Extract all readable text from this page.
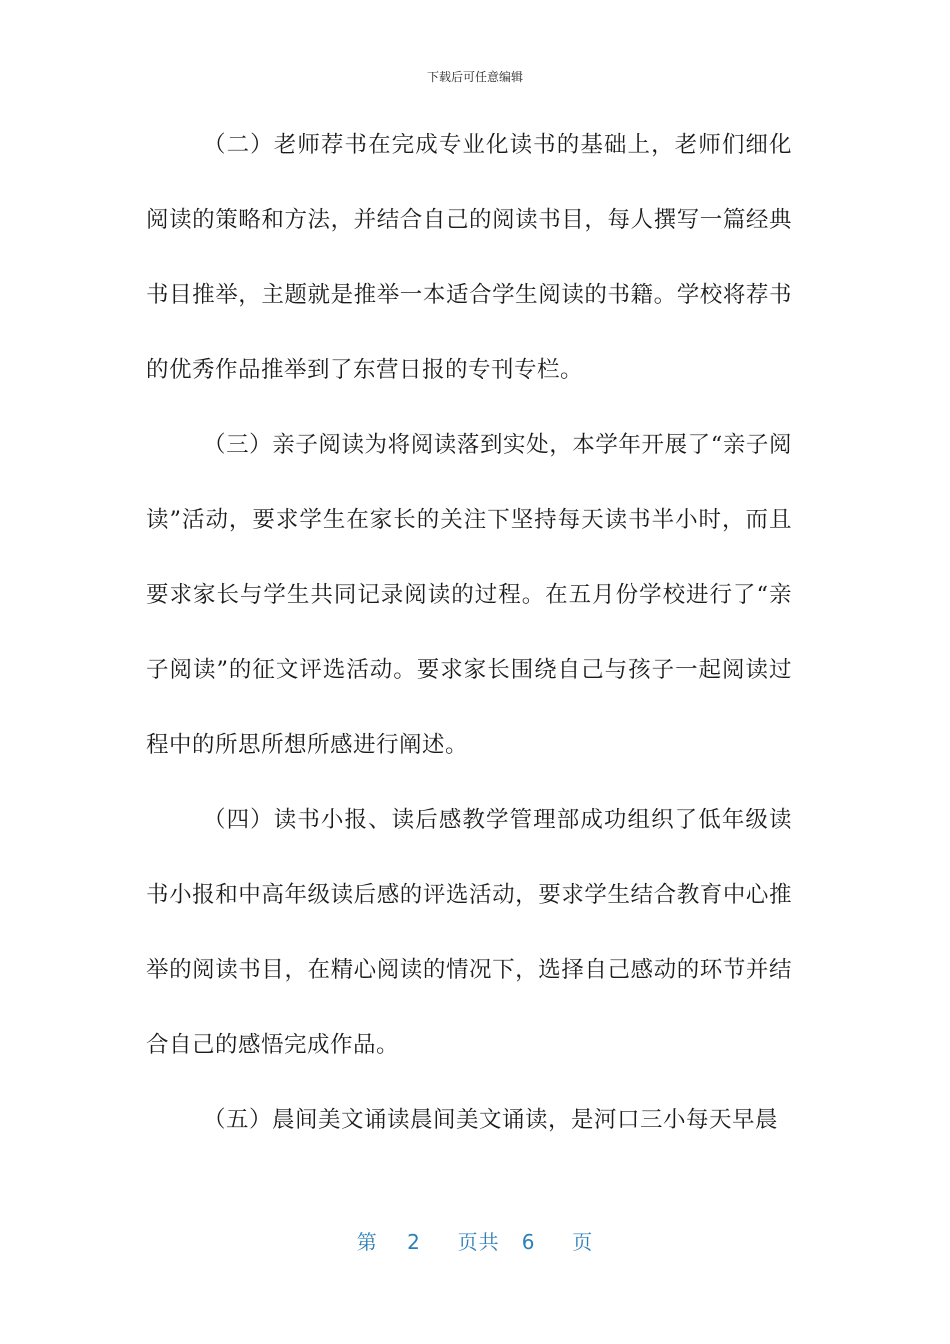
下载后可任意编辑

（二）老师荐书在完成专业化读书的基础上，老师们细化阅读的策略和方法，并结合自己的阅读书目，每人撰写一篇经典书目推举，主题就是推举一本适合学生阅读的书籍。学校将荐书的优秀作品推举到了东营日报的专刊专栏。

（三）亲子阅读为将阅读落到实处，本学年开展了“亲子阅读”活动，要求学生在家长的关注下坚持每天读书半小时，而且要求家长与学生共同记录阅读的过程。在五月份学校进行了“亲子阅读”的征文评选活动。要求家长围绕自己与孩子一起阅读过程中的所思所想所感进行阐述。

（四）读书小报、读后感教学管理部成功组织了低年级读书小报和中高年级读后感的评选活动，要求学生结合教育中心推举的阅读书目，在精心阅读的情况下，选择自己感动的环节并结合自己的感悟完成作品。

（五）晨间美文诵读晨间美文诵读，是河口三小每天早晨

第 2 页共 6 页
